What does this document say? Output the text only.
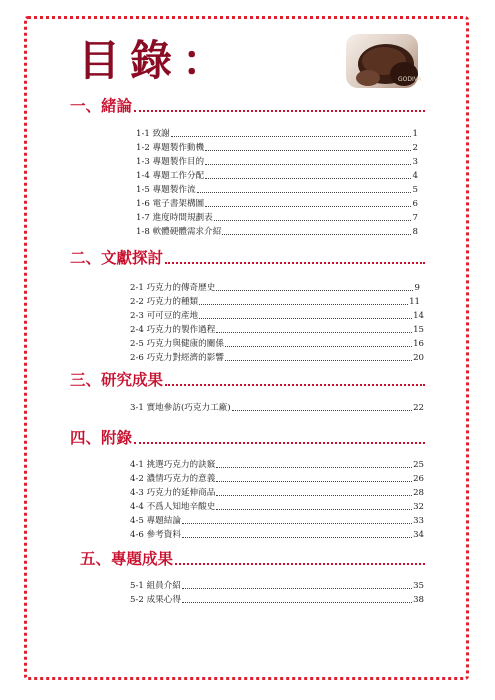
目錄：	GODIVA
一、緒論
1-1 致謝	1
1-2 專題製作動機	2
1-3 專題製作目的	3
1-4 專題工作分配	4
1-5 專題製作流	5
1-6 電子書架構圖	6
1-7 進度時間規劃表	7
1-8 軟體硬體需求介紹	8
二、文獻探討
2-1 巧克力的傳奇歷史	9
2-2 巧克力的種類	11
2-3 可可豆的產地	14
2-4 巧克力的製作過程	15
2-5 巧克力與健康的關係	16
2-6 巧克力對經濟的影響	20
三、研究成果
3-1 實地參訪(巧克力工廠)	22
四、附錄
4-1 挑選巧克力的訣竅	25
4-2 濃情巧克力的意義	26
4-3 巧克力的延伸商品	28
4-4 不爲人知地辛酸史	32
4-5 專題結論	33
4-6 參考資料	34
五、專題成果
5-1 組員介紹	35
5-2 成果心得	38
